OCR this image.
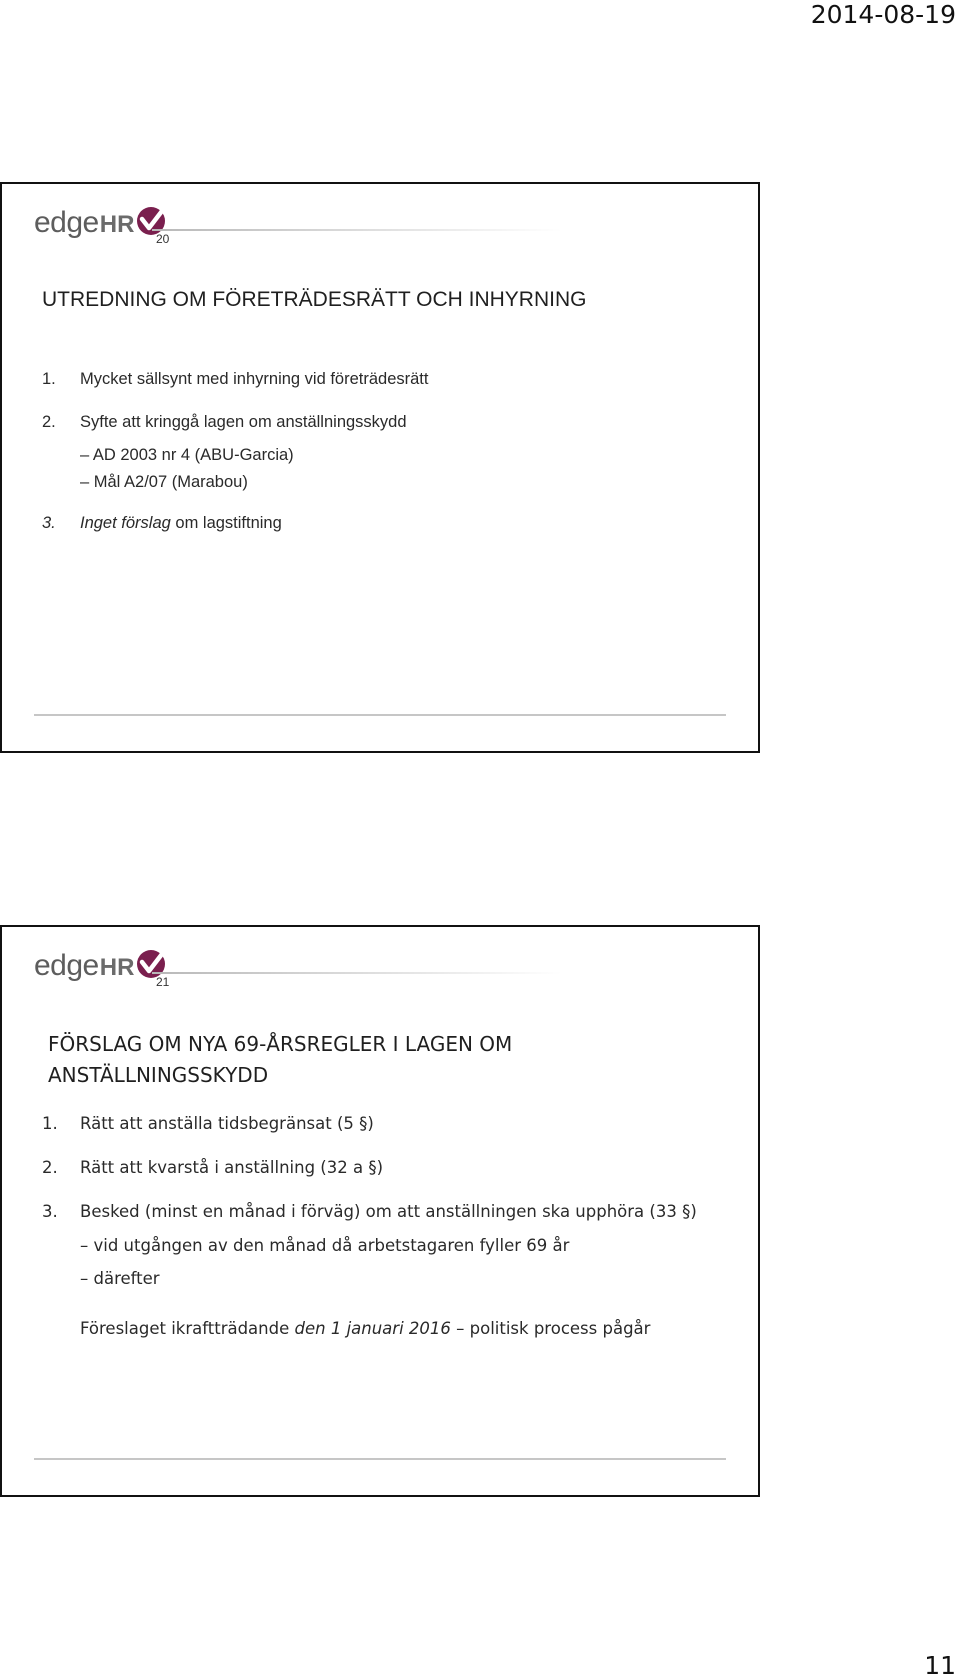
2014-08-19
edge HR
20
UTREDNING OM FÖRETRÄDESRÄTT OCH INHYRNING
1. Mycket sällsynt med inhyrning vid företrädesrätt
2. Syfte att kringgå lagen om anställningsskydd
– AD 2003 nr 4 (ABU-Garcia)
– Mål A2/07 (Marabou)
3. Inget förslag om lagstiftning
edge HR
21
FÖRSLAG OM NYA 69-ÅRSREGLER I LAGEN OM ANSTÄLLNINGSSKYDD
1. Rätt att anställa tidsbegränsat (5 §)
2. Rätt att kvarstå i anställning (32 a §)
3. Besked (minst en månad i förväg) om att anställningen ska upphöra (33 §)
– vid utgången av den månad då arbetstagaren fyller 69 år
– därefter
Föreslaget ikraftträdande den 1 januari 2016 – politisk process pågår
11
